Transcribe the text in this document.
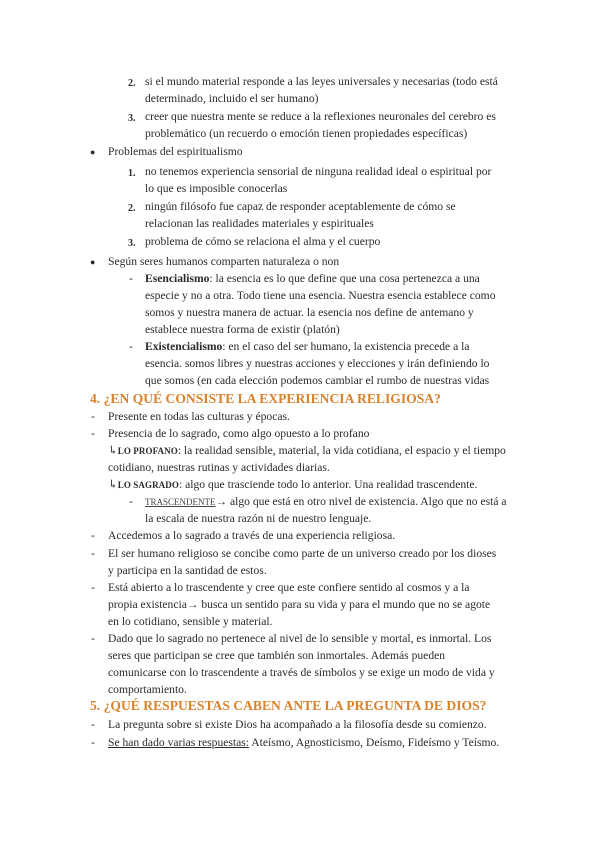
2. si el mundo material responde a las leyes universales y necesarias (todo está
determinado, incluido el ser humano)
3. creer que nuestra mente se reduce a la reflexiones neuronales del cerebro es
problemático (un recuerdo o emoción tienen propiedades específicas)
● Problemas del espiritualismo
1. no tenemos experiencia sensorial de ninguna realidad ideal o espiritual por
lo que es imposible conocerlas
2. ningún filósofo fue capaz de responder aceptablemente de cómo se
relacionan las realidades materiales y espirituales
3. problema de cómo se relaciona el alma y el cuerpo
● Según seres humanos comparten naturaleza o non
- Esencialismo: la esencia es lo que define que una cosa pertenezca a una
especie y no a otra. Todo tiene una esencia. Nuestra esencia establece como
somos y nuestra manera de actuar. la esencia nos define de antemano y
establece nuestra forma de existir (platón)
- Existencialismo: en el caso del ser humano, la existencia precede a la
esencia. somos libres y nuestras acciones y elecciones y irán definiendo lo
que somos (en cada elección podemos cambiar el rumbo de nuestras vidas
4. ¿EN QUÉ CONSISTE LA EXPERIENCIA RELIGIOSA?
- Presente en todas las culturas y épocas.
- Presencia de lo sagrado, como algo opuesto a lo profano
↳LO PROFANO: la realidad sensible, material, la vida cotidiana, el espacio y el tiempo
cotidiano, nuestras rutinas y actividades diarias.
↳LO SAGRADO: algo que trasciende todo lo anterior. Una realidad trascendente.
- TRASCENDENTE→ algo que está en otro nivel de existencia. Algo que no está a
la escala de nuestra razón ni de nuestro lenguaje.
- Accedemos a lo sagrado a través de una experiencia religiosa.
- El ser humano religioso se concibe como parte de un universo creado por los dioses
y participa en la santidad de estos.
- Está abierto a lo trascendente y cree que este confiere sentido al cosmos y a la
propia existencia→ busca un sentido para su vida y para el mundo que no se agote
en lo cotidiano, sensible y material.
- Dado que lo sagrado no pertenece al nivel de lo sensible y mortal, es inmortal. Los
seres que participan se cree que también son inmortales. Además pueden
comunicarse con lo trascendente a través de símbolos y se exige un modo de vida y
comportamiento.
5. ¿QUÉ RESPUESTAS CABEN ANTE LA PREGUNTA DE DIOS?
- La pregunta sobre si existe Dios ha acompañado a la filosofía desde su comienzo.
- Se han dado varias respuestas: Ateísmo, Agnosticismo, Deísmo, Fideísmo y Teísmo.
